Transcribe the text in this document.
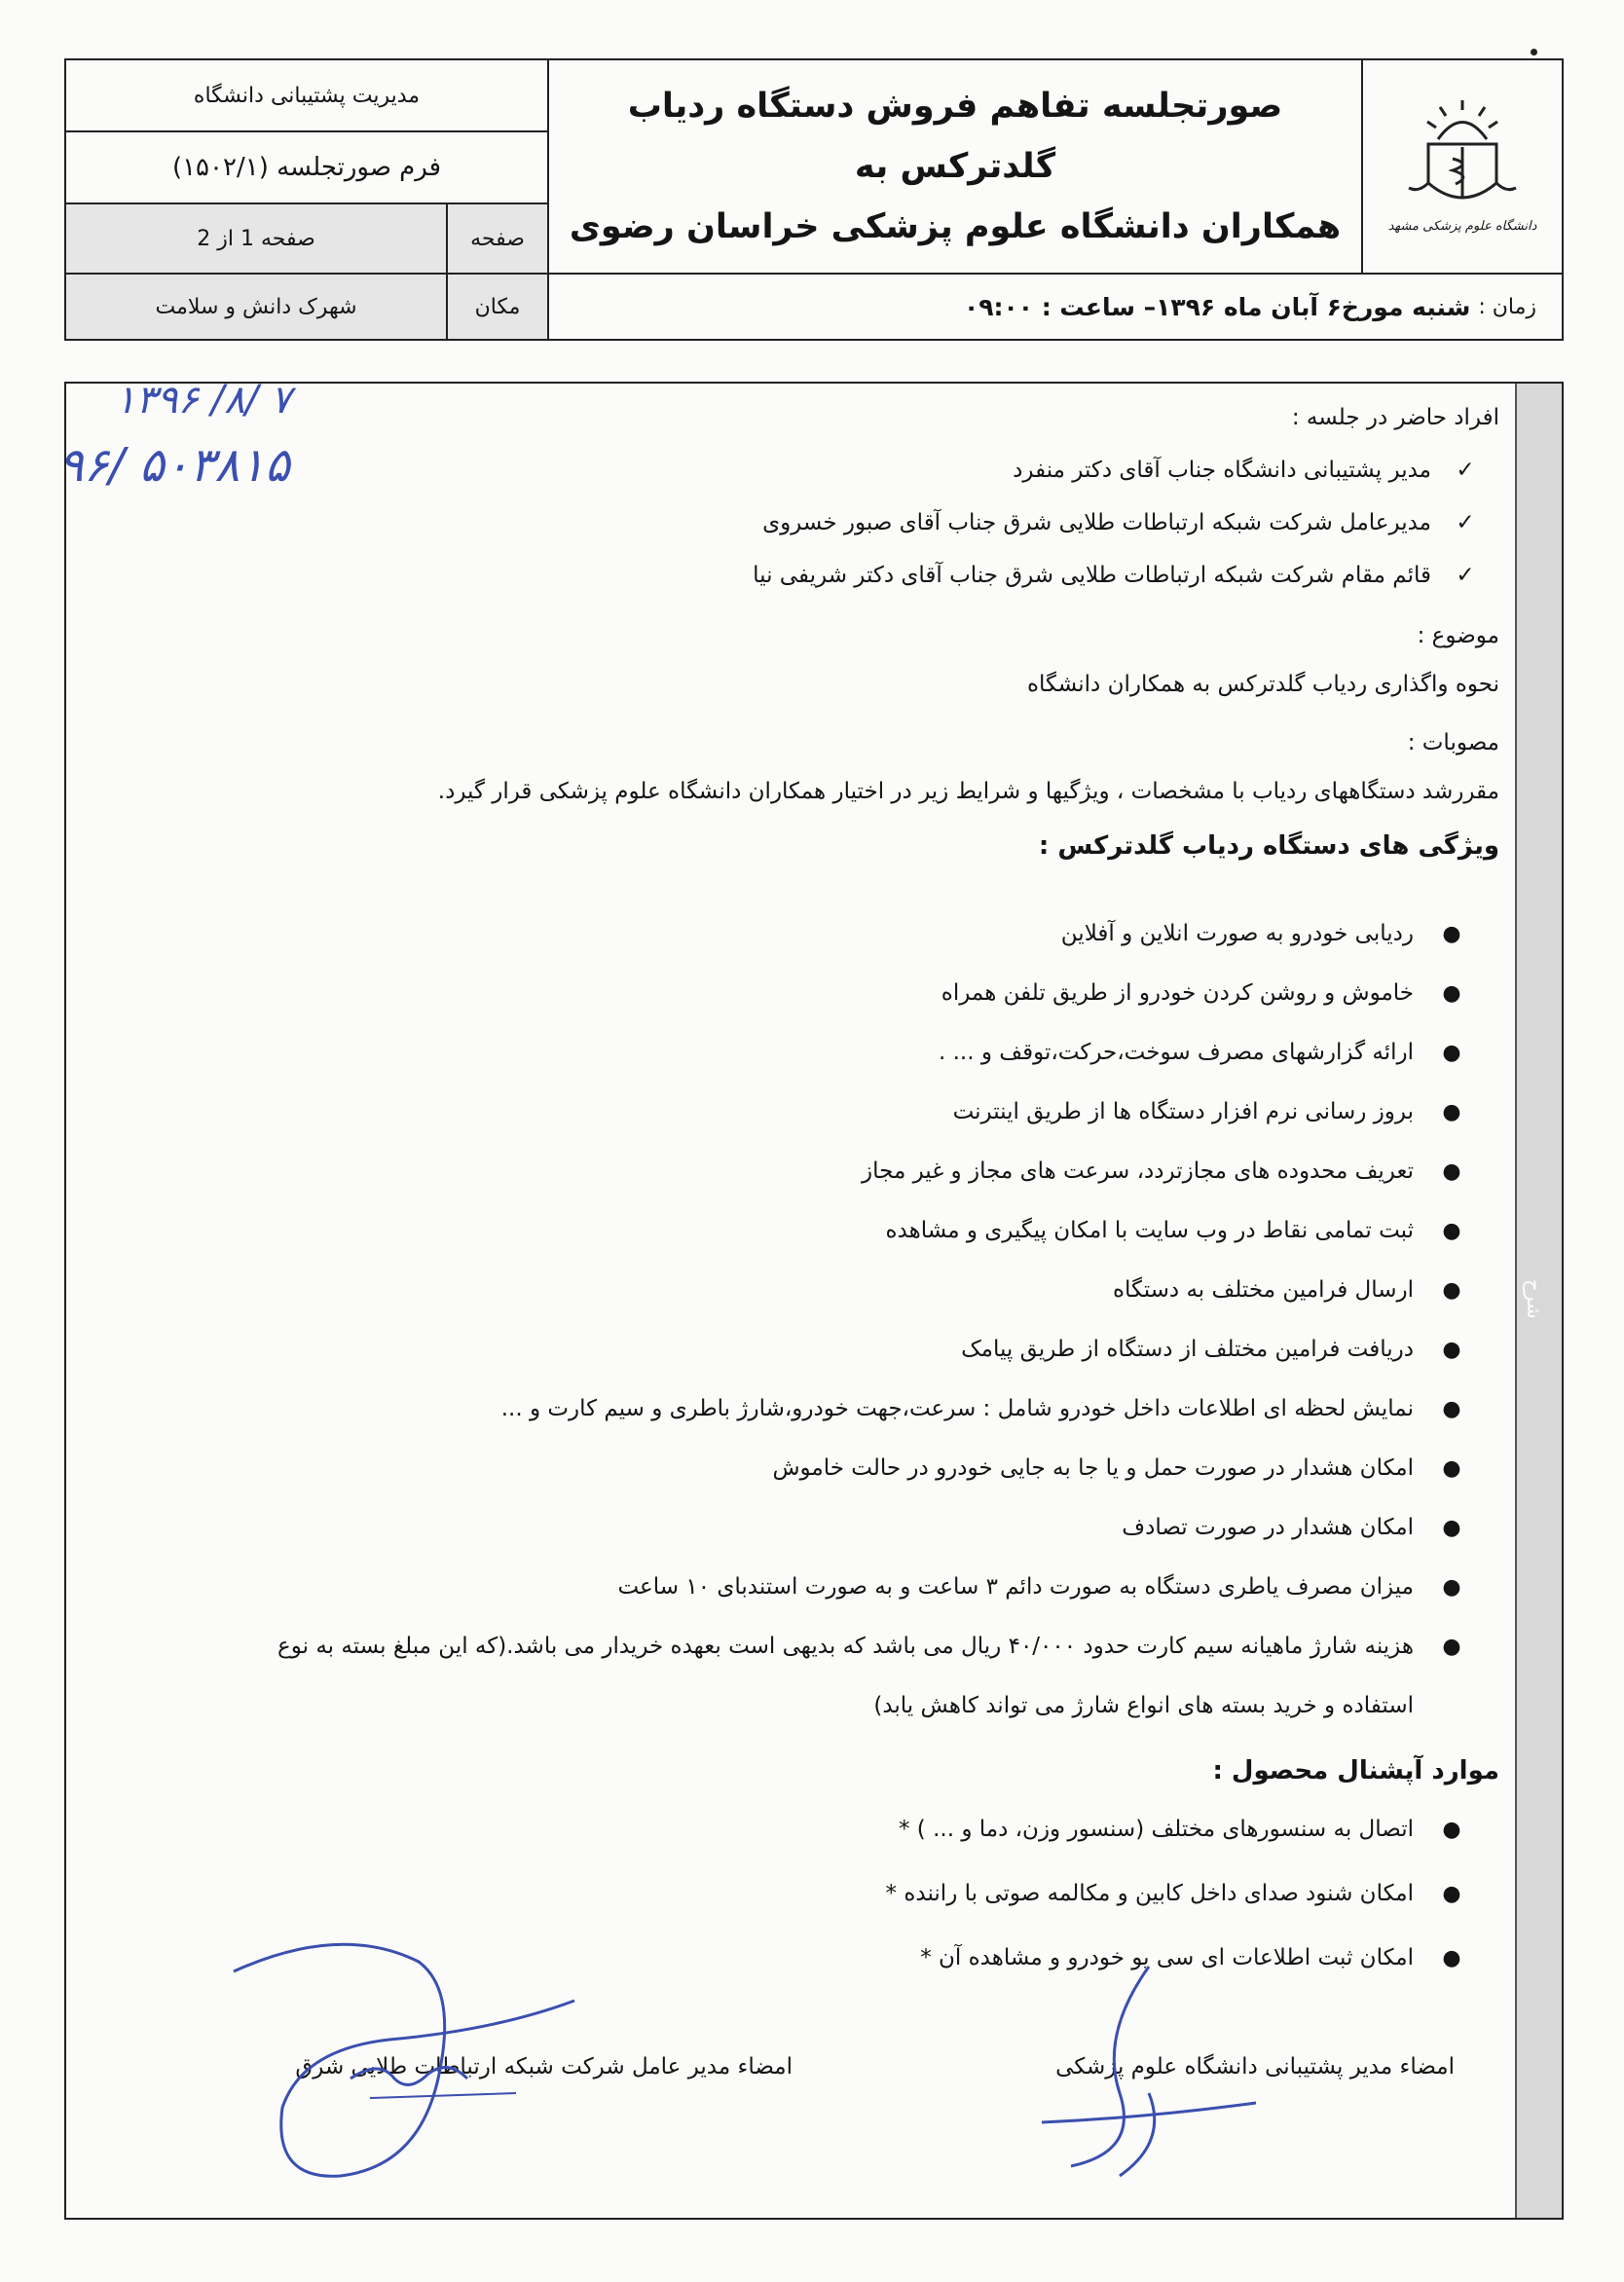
مدیریت پشتیبانی دانشگاه
فرم صورتجلسه (۱۵۰۲/۱)
صفحه 1 از 2	صفحه
شهرک دانش و سلامت	مکان
صورتجلسه تفاهم فروش دستگاه ردیاب گلدترکس به
همکاران دانشگاه علوم پزشکی خراسان رضوی	دانشگاه علوم پزشکی مشهد
زمان :
شنبه مورخ۶ آبان ماه ۱۳۹۶– ساعت : ۰۹:۰۰
۱۳۹۶ /۸/ ۷
۹۶/ ۵۰۳۸۱۵
شرح
افراد حاضر در جلسه :
✓مدیر پشتیبانی دانشگاه جناب آقای دکتر منفرد
✓مدیرعامل شرکت شبکه ارتباطات طلایی شرق جناب آقای صبور خسروی
✓قائم مقام شرکت شبکه ارتباطات طلایی شرق جناب آقای دکتر شریفی نیا
موضوع :
نحوه واگذاری ردیاب گلدترکس به همکاران دانشگاه
مصوبات :
مقررشد دستگاههای ردیاب با مشخصات ، ویژگیها و شرایط زیر در اختیار همکاران دانشگاه علوم پزشکی قرار گیرد.
ویژگی های دستگاه ردیاب گلدترکس :
●ردیابی خودرو به صورت انلاین و آفلاین
●خاموش و روشن کردن خودرو از طریق تلفن همراه
●ارائه گزارشهای مصرف سوخت،حرکت،توقف و ... .
●بروز رسانی نرم افزار دستگاه ها از طریق اینترنت
●تعریف محدوده های مجازتردد، سرعت های مجاز و غیر مجاز
●ثبت تمامی نقاط در وب سایت با امکان پیگیری و مشاهده
●ارسال فرامین مختلف به دستگاه
●دریافت فرامین مختلف از دستگاه از طریق پیامک
●نمایش لحظه ای اطلاعات داخل خودرو شامل : سرعت،جهت خودرو،شارژ باطری و سیم کارت و ...
●امکان هشدار در صورت حمل و یا جا به جایی خودرو در حالت خاموش
●امکان هشدار در صورت تصادف
●میزان مصرف یاطری دستگاه به صورت دائم ۳ ساعت و به صورت استندبای ۱۰ ساعت
●هزینه شارژ ماهیانه سیم کارت حدود ۴۰/۰۰۰ ریال می باشد که بدیهی است بعهده خریدار می باشد.(که این مبلغ بسته به نوع
استفاده و خرید بسته های انواع شارژ می تواند کاهش یابد)
موارد آپشنال محصول :
●اتصال به سنسورهای مختلف (سنسور وزن، دما و ... ) *
●امکان شنود صدای داخل کابین و مکالمه صوتی با راننده *
●امکان ثبت اطلاعات ای سی یو خودرو و مشاهده آن *
امضاء مدیر پشتیبانی دانشگاه علوم پزشکی
امضاء مدیر عامل شرکت شبکه ارتباطات طلایی شرق
